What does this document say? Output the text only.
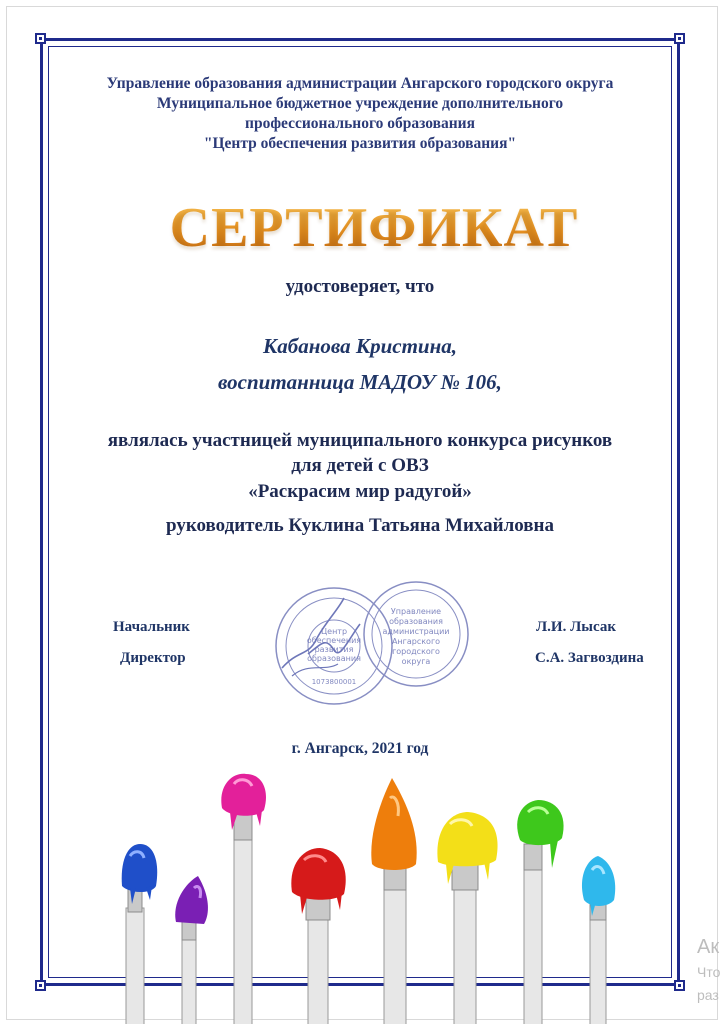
Управление образования администрации Ангарского городского округа
Муниципальное бюджетное учреждение дополнительного
профессионального образования
"Центр обеспечения развития образования"
СЕРТИФИКАТ
удостоверяет, что
Кабанова Кристина,
воспитанница МАДОУ № 106,
являлась участницей муниципального конкурса рисунков
для детей с ОВЗ
«Раскрасим мир радугой»
руководитель Куклина Татьяна Михайловна
Начальник	Л.И. Лысак
Директор	С.А. Загвоздина
Центр
обеспечения
развития
образования
1073800001
Управление
образования
администрации
Ангарского
городского
округа
г. Ангарск, 2021 год
Ак
Что
раз
